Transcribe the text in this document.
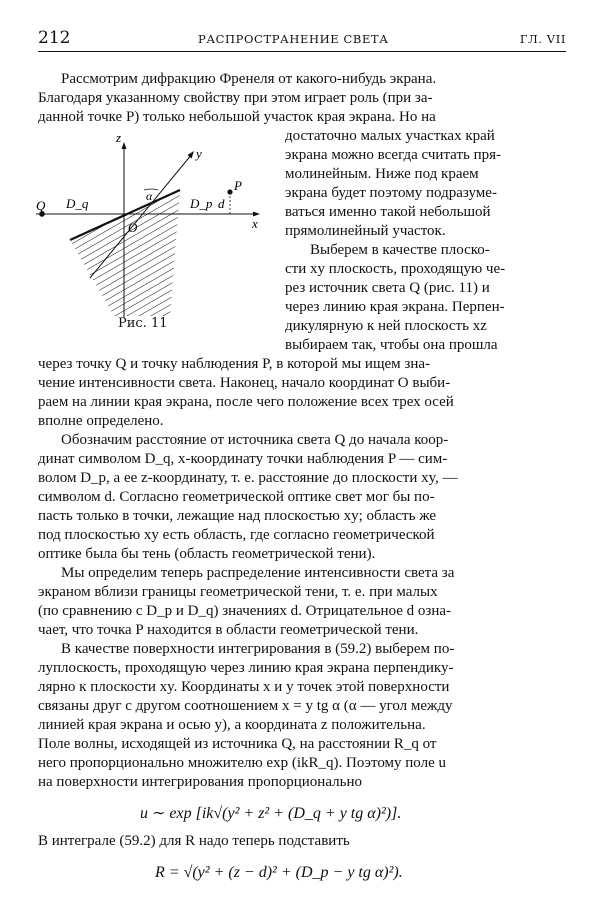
212	РАСПРОСТРАНЕНИЕ СВЕТА	ГЛ. VII
z
y
x
Q D_q
O
α	D_p d
P
Рис. 11
Рассмотрим дифракцию Френеля от какого-нибудь экрана.
Благодаря указанному свойству при этом играет роль (при за-
данной точке P) только небольшой участок края экрана. Но на
достаточно малых участках край
экрана можно всегда считать пря-
молинейным. Ниже под краем
экрана будет поэтому подразуме-
ваться именно такой небольшой
прямолинейный участок.
Выберем в качестве плоско-
сти xy плоскость, проходящую че-
рез источник света Q (рис. 11) и
через линию края экрана. Перпен-
дикулярную к ней плоскость xz
выбираем так, чтобы она прошла
через точку Q и точку наблюдения P, в которой мы ищем зна-
чение интенсивности света. Наконец, начало координат O выби-
раем на линии края экрана, после чего положение всех трех осей
вполне определено.
Обозначим расстояние от источника света Q до начала коор-
динат символом D_q, x-координату точки наблюдения P — сим-
волом D_p, а ее z-координату, т. е. расстояние до плоскости xy, —
символом d. Согласно геометрической оптике свет мог бы по-
пасть только в точки, лежащие над плоскостью xy; область же
под плоскостью xy есть область, где согласно геометрической
оптике была бы тень (область геометрической тени).
Мы определим теперь распределение интенсивности света за
экраном вблизи границы геометрической тени, т. е. при малых
(по сравнению с D_p и D_q) значениях d. Отрицательное d озна-
чает, что точка P находится в области геометрической тени.
В качестве поверхности интегрирования в (59.2) выберем по-
луплоскость, проходящую через линию края экрана перпендику-
лярно к плоскости xy. Координаты x и y точек этой поверхности
связаны друг с другом соотношением x = y tg α (α — угол между
линией края экрана и осью y), а координата z положительна.
Поле волны, исходящей из источника Q, на расстоянии R_q от
него пропорционально множителю exp (ikR_q). Поэтому поле u
на поверхности интегрирования пропорционально
u ∼ exp [ik√(y² + z² + (D_q + y tg α)²)].
В интеграле (59.2) для R надо теперь подставить
R = √(y² + (z − d)² + (D_p − y tg α)²).
